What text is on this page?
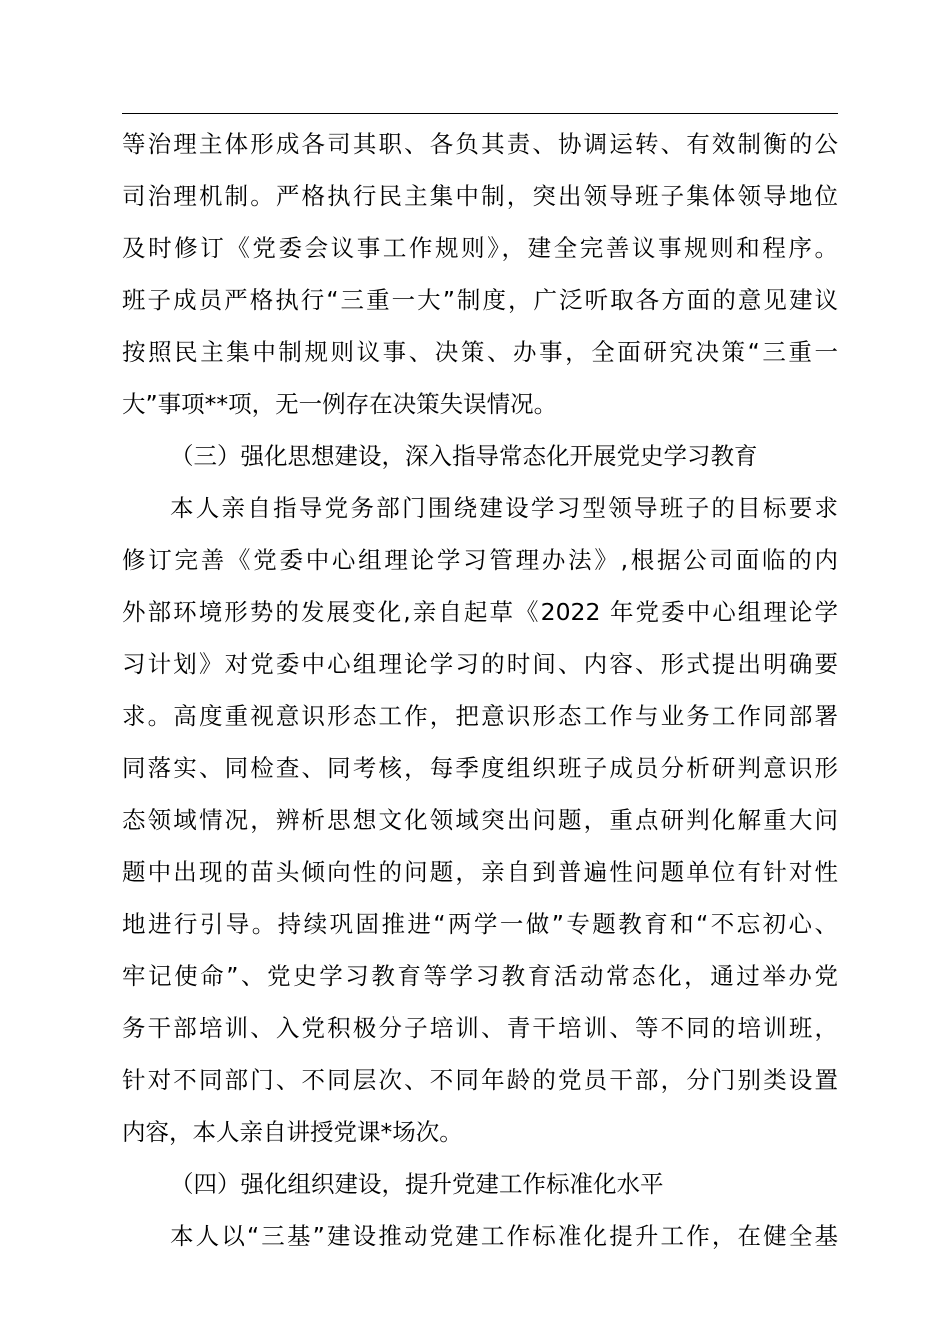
等治理主体形成各司其职、各负其责、协调运转、有效制衡的公
司治理机制。严格执行民主集中制，突出领导班子集体领导地位
及时修订《党委会议事工作规则》，建全完善议事规则和程序。
班子成员严格执行“三重一大”制度，广泛听取各方面的意见建议
按照民主集中制规则议事、决策、办事，全面研究决策“三重一
大”事项**项，无一例存在决策失误情况。
（三）强化思想建设，深入指导常态化开展党史学习教育
本人亲自指导党务部门围绕建设学习型领导班子的目标要求
修订完善《党委中心组理论学习管理办法》,根据公司面临的内
外部环境形势的发展变化,亲自起草《2022 年党委中心组理论学
习计划》对党委中心组理论学习的时间、内容、形式提出明确要
求。高度重视意识形态工作，把意识形态工作与业务工作同部署
同落实、同检查、同考核，每季度组织班子成员分析研判意识形
态领域情况，辨析思想文化领域突出问题，重点研判化解重大问
题中出现的苗头倾向性的问题，亲自到普遍性问题单位有针对性
地进行引导。持续巩固推进“两学一做”专题教育和“不忘初心、
牢记使命”、党史学习教育等学习教育活动常态化，通过举办党
务干部培训、入党积极分子培训、青干培训、等不同的培训班，
针对不同部门、不同层次、不同年龄的党员干部，分门别类设置
内容，本人亲自讲授党课*场次。
（四）强化组织建设，提升党建工作标准化水平
本人以“三基”建设推动党建工作标准化提升工作，在健全基
